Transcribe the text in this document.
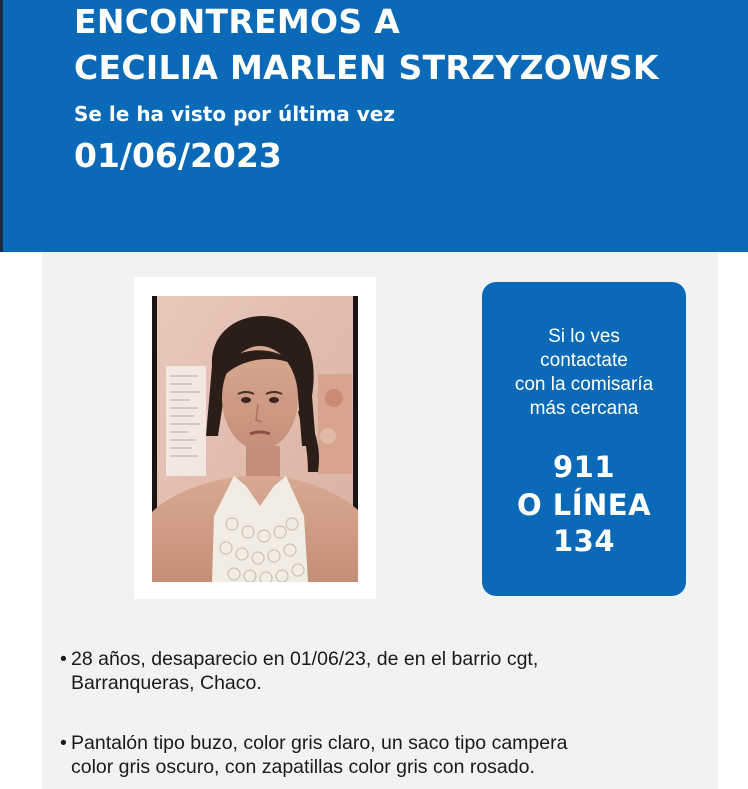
ENCONTREMOS A
CECILIA MARLEN STRZYZOWSK
Se le ha visto por última vez
01/06/2023
Si lo ves
contactate
con la comisaría
más cercana
911
O LÍNEA
134
• 28 años, desaparecio en 01/06/23, de en el barrio cgt,
Barranqueras, Chaco.
• Pantalón tipo buzo, color gris claro, un saco tipo campera
color gris oscuro, con zapatillas color gris con rosado.
